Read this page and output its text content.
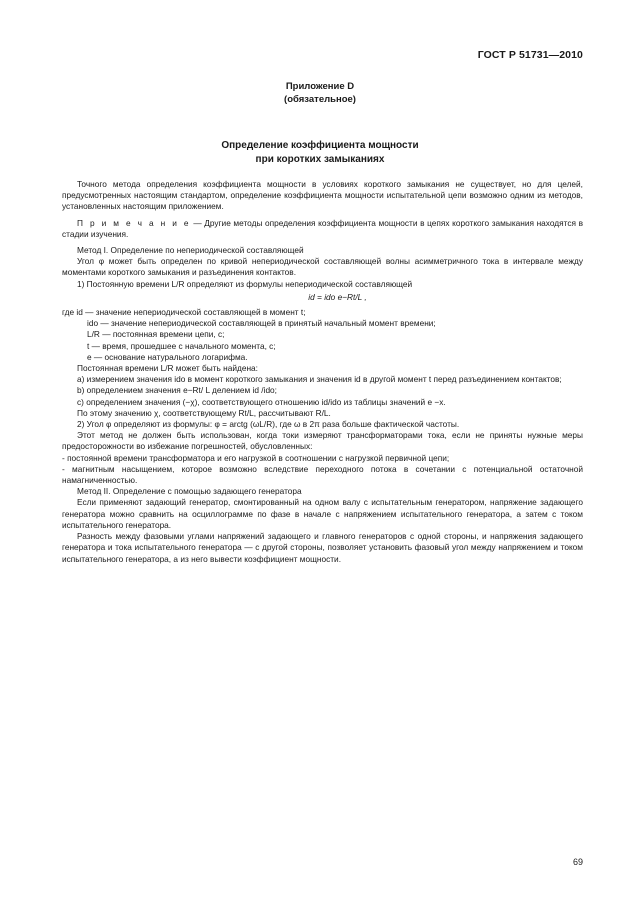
ГОСТ Р 51731—2010
Приложение D
(обязательное)
Определение коэффициента мощности
при коротких замыканиях

Точного метода определения коэффициента мощности в условиях короткого замыкания не существует, но для целей, предусмотренных настоящим стандартом, определение коэффициента мощности испытательной цепи возможно одним из методов, установленных настоящим приложением.

П р и м е ч а н и е — Другие методы определения коэффициента мощности в цепях короткого замыкания находятся в стадии изучения.

Метод I. Определение по непериодической составляющей

Угол φ может быть определен по кривой непериодической составляющей волны асимметричного тока в интервале между моментами короткого замыкания и разъединения контактов.

1) Постоянную времени L/R определяют из формулы непериодической составляющей

id = ido e−Rt/L ,

где id — значение непериодической составляющей в момент t;

ido — значение непериодической составляющей в принятый начальный момент времени;
L/R — постоянная времени цепи, с;
t — время, прошедшее с начального момента, с;
e — основание натурального логарифма.

Постоянная времени L/R может быть найдена:

а) измерением значения ido в момент короткого замыкания и значения id в другой момент t перед разъединением контактов;

b) определением значения e−Rt/ L делением id /ido;

с) определением значения (−χ), соответствующего отношению id/ido из таблицы значений e −x.

По этому значению χ, соответствующему Rt/L, рассчитывают R/L.

2) Угол φ определяют из формулы: φ = arctg (ωL/R), где ω в 2π раза больше фактической частоты.

Этот метод не должен быть использован, когда токи измеряют трансформаторами тока, если не приняты нужные меры предосторожности во избежание погрешностей, обусловленных:

- постоянной времени трансформатора и его нагрузкой в соотношении с нагрузкой первичной цепи;

- магнитным насыщением, которое возможно вследствие переходного потока в сочетании с потенциальной остаточной намагниченностью.

Метод II. Определение с помощью задающего генератора

Если применяют задающий генератор, смонтированный на одном валу с испытательным генератором, напряжение задающего генератора можно сравнить на осциллограмме по фазе в начале с напряжением испытательного генератора, а затем с током испытательного генератора.

Разность между фазовыми углами напряжений задающего и главного генераторов с одной стороны, и напряжения задающего генератора и тока испытательного генератора — с другой стороны, позволяет установить фазовый угол между напряжением и током испытательного генератора, а из него вывести коэффициент мощности.

69
